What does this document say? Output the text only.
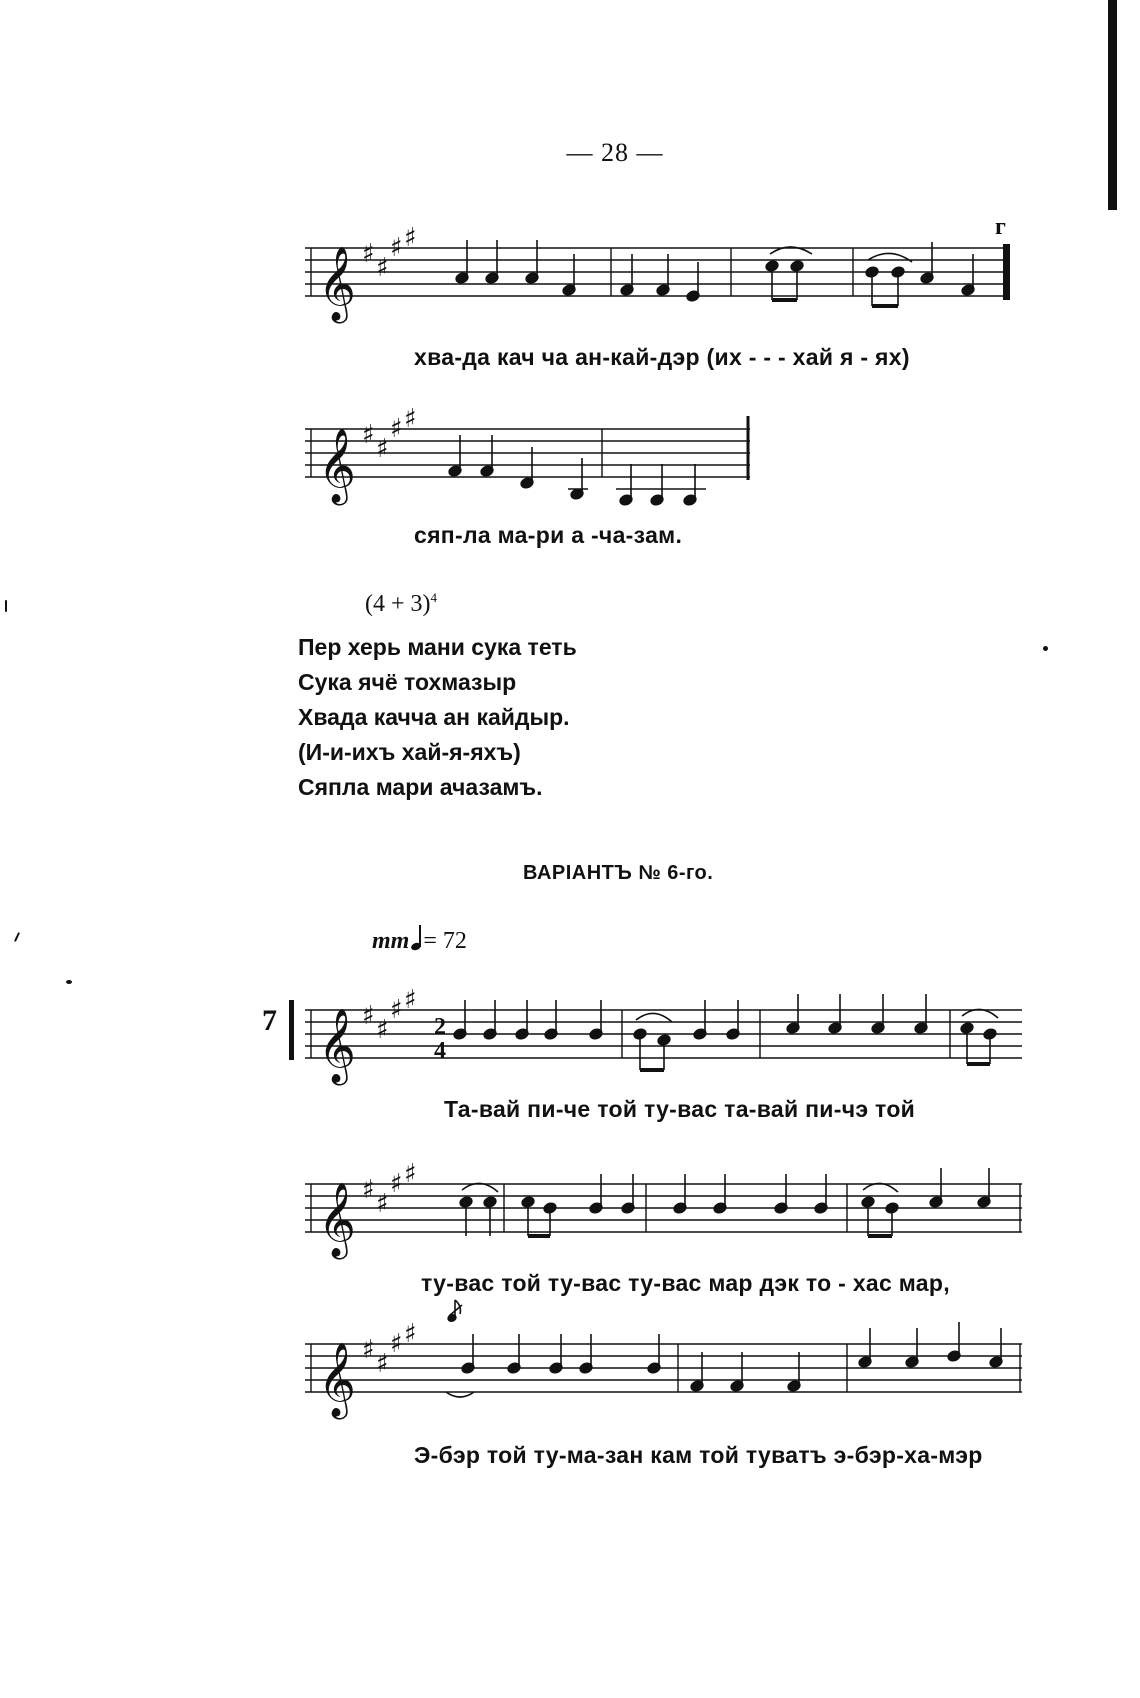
— 28 —
𝄞 ♯ ♯
♯ ♯	г
хва-да кач ча ан-кай-дэр (их - - - хай я - ях)
𝄞 ♯ ♯
♯ ♯
сяп-ла ма-ри а -ча-зам.
$(4 + 3)^4$
Пер херь мани сука теть
Сука ячё тохмазыр
Хвада качча ан кайдыр.
(И-и-ихъ хай-я-яхъ)
Сяпла мари ачазамъ.
ВАРІАНТЪ № 6-го.
mm = 72
7 𝄞 ♯ ♯
♯ ♯
2
4
Та-вай пи-че той ту-вас та-вай пи-чэ той
𝄞 ♯ ♯
♯ ♯
ту-вас той ту-вас ту-вас мар дэк то - хас мар,
𝄞 ♯ ♯
♯ ♯
Э-бэр той ту-ма-зан кам той туватъ э-бэр-ха-мэр
